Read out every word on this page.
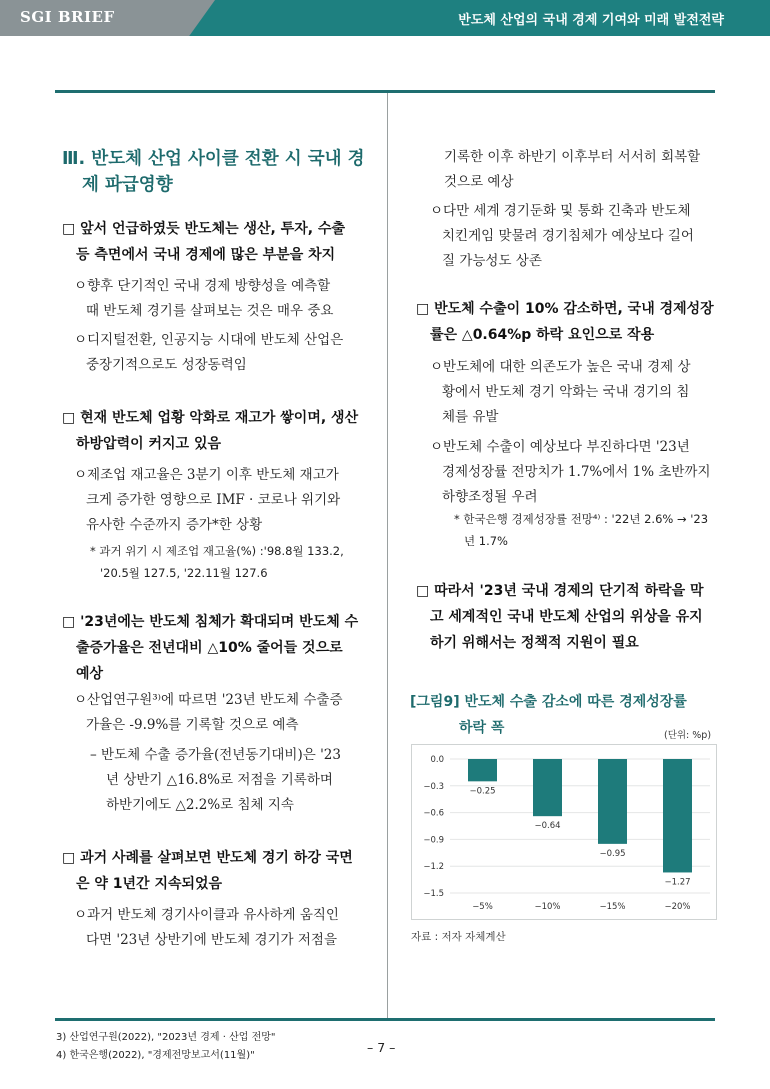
SGI BRIEF	반도체 산업의 국내 경제 기여와 미래 발전전략
Ⅲ. 반도체 산업 사이클 전환 시 국내 경
제 파급영향
□ 앞서 언급하였듯 반도체는 생산, 투자, 수출
등 측면에서 국내 경제에 많은 부분을 차지
ㅇ향후 단기적인 국내 경제 방향성을 예측할
때 반도체 경기를 살펴보는 것은 매우 중요
ㅇ디지털전환, 인공지능 시대에 반도체 산업은
중장기적으로도 성장동력임
□ 현재 반도체 업황 악화로 재고가 쌓이며, 생산
하방압력이 커지고 있음
ㅇ제조업 재고율은 3분기 이후 반도체 재고가
크게 증가한 영향으로 IMF · 코로나 위기와
유사한 수준까지 증가*한 상황
* 과거 위기 시 제조업 재고율(%) :'98.8월 133.2,
'20.5월 127.5, '22.11월 127.6
□ '23년에는 반도체 침체가 확대되며 반도체 수
출증가율은 전년대비 △10% 줄어들 것으로
예상
ㅇ산업연구원³⁾에 따르면 '23년 반도체 수출증
가율은 -9.9%를 기록할 것으로 예측
– 반도체 수출 증가율(전년동기대비)은 '23
년 상반기 △16.8%로 저점을 기록하며
하반기에도 △2.2%로 침체 지속
□ 과거 사례를 살펴보면 반도체 경기 하강 국면
은 약 1년간 지속되었음
ㅇ과거 반도체 경기사이클과 유사하게 움직인
다면 '23년 상반기에 반도체 경기가 저점을
기록한 이후 하반기 이후부터 서서히 회복할
것으로 예상
ㅇ다만 세계 경기둔화 및 통화 긴축과 반도체
치킨게임 맞물려 경기침체가 예상보다 길어
질 가능성도 상존
□ 반도체 수출이 10% 감소하면, 국내 경제성장
률은 △0.64%p 하락 요인으로 작용
ㅇ반도체에 대한 의존도가 높은 국내 경제 상
황에서 반도체 경기 악화는 국내 경기의 침
체를 유발
ㅇ반도체 수출이 예상보다 부진하다면 '23년
경제성장률 전망치가 1.7%에서 1% 초반까지
하향조정될 우려
* 한국은행 경제성장률 전망⁴⁾ : '22년 2.6% → '23
년 1.7%
□ 따라서 '23년 국내 경제의 단기적 하락을 막
고 세계적인 국내 반도체 산업의 위상을 유지
하기 위해서는 정책적 지원이 필요
[그림9] 반도체 수출 감소에 따른 경제성장률
하락 폭	(단위: %p)
0.0
−0.3
−0.6
−0.9
−1.2
−1.5
−0.25
−5%
−0.64
−10%
−0.95
−15%
−1.27
−20%
자료 : 저자 자체계산
3) 산업연구원(2022), "2023년 경제 · 산업 전망"
4) 한국은행(2022), "경제전망보고서(11월)"
– 7 –
